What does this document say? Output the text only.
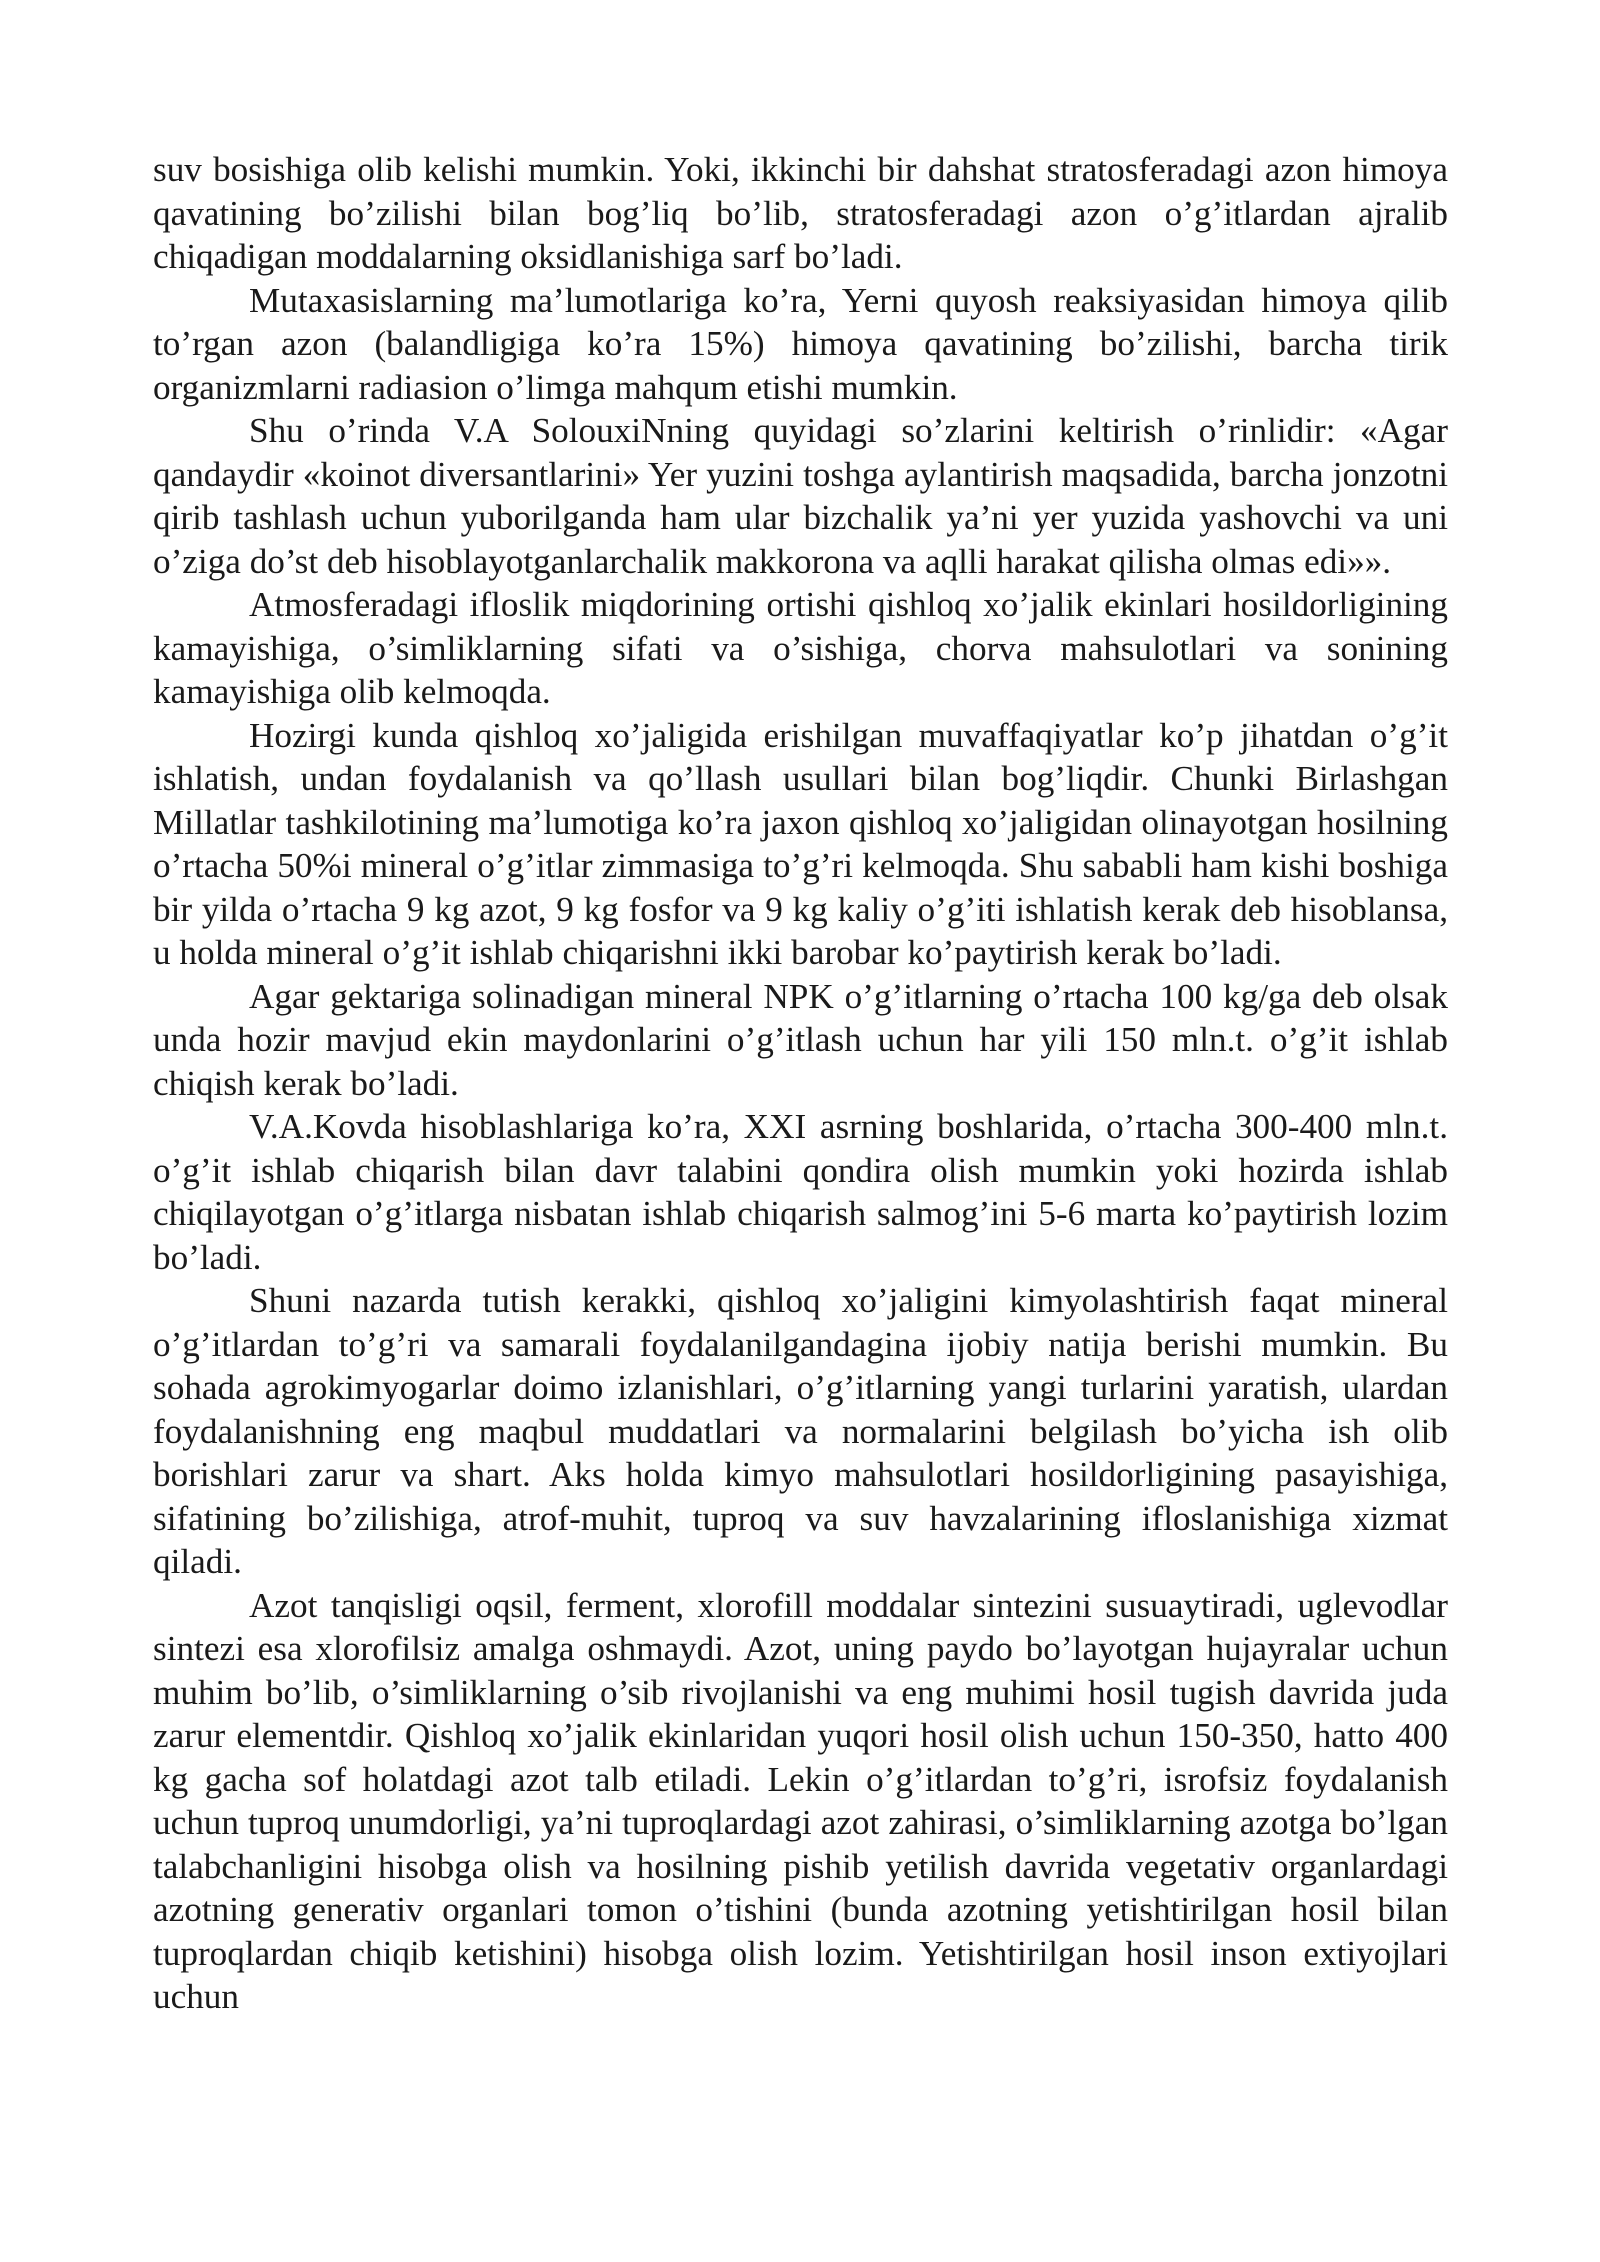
suv bosishiga olib kelishi mumkin. Yoki, ikkinchi bir dahshat stratosferadagi azon himoya qavatining bo’zilishi bilan bog’liq bo’lib, stratosferadagi azon o’g’itlardan ajralib chiqadigan moddalarning oksidlanishiga sarf bo’ladi.

Mutaxasislarning ma’lumotlariga ko’ra, Yerni quyosh reaksiyasidan himoya qilib to’rgan azon (balandligiga ko’ra 15%) himoya qavatining bo’zilishi, barcha tirik organizmlarni radiasion o’limga mahqum etishi mumkin.

Shu o’rinda V.A SolouxiNning quyidagi so’zlarini keltirish o’rinlidir: «Agar qandaydir «koinot diversantlarini» Yer yuzini toshga aylantirish maqsadida, barcha jonzotni qirib tashlash uchun yuborilganda ham ular bizchalik ya’ni yer yuzida yashovchi va uni o’ziga do’st deb hisoblayotganlarchalik makkorona va aqlli harakat qilisha olmas edi»».

Atmosferadagi ifloslik miqdorining ortishi qishloq xo’jalik ekinlari hosildorligining kamayishiga, o’simliklarning sifati va o’sishiga, chorva mahsulotlari va sonining kamayishiga olib kelmoqda.

Hozirgi kunda qishloq xo’jaligida erishilgan muvaffaqiyatlar ko’p jihatdan o’g’it ishlatish, undan foydalanish va qo’llash usullari bilan bog’liqdir. Chunki Birlashgan Millatlar tashkilotining ma’lumotiga ko’ra jaxon qishloq xo’jaligidan olinayotgan hosilning o’rtacha 50%i mineral o’g’itlar zimmasiga to’g’ri kelmoqda. Shu sababli ham kishi boshiga bir yilda o’rtacha 9 kg azot, 9 kg fosfor va 9 kg kaliy o’g’iti ishlatish kerak deb hisoblansa, u holda mineral o’g’it ishlab chiqarishni ikki barobar ko’paytirish kerak bo’ladi.

Agar gektariga solinadigan mineral NPK o’g’itlarning o’rtacha 100 kg/ga deb olsak unda hozir mavjud ekin maydonlarini o’g’itlash uchun har yili 150 mln.t. o’g’it ishlab chiqish kerak bo’ladi.

V.A.Kovda hisoblashlariga ko’ra, XXI asrning boshlarida, o’rtacha 300-400 mln.t. o’g’it ishlab chiqarish bilan davr talabini qondira olish mumkin yoki hozirda ishlab chiqilayotgan o’g’itlarga nisbatan ishlab chiqarish salmog’ini 5-6 marta ko’paytirish lozim bo’ladi.

Shuni nazarda tutish kerakki, qishloq xo’jaligini kimyolashtirish faqat mineral o’g’itlardan to’g’ri va samarali foydalanilgandagina ijobiy natija berishi mumkin. Bu sohada agrokimyogarlar doimo izlanishlari, o’g’itlarning yangi turlarini yaratish, ulardan foydalanishning eng maqbul muddatlari va normalarini belgilash bo’yicha ish olib borishlari zarur va shart. Aks holda kimyo mahsulotlari hosildorligining pasayishiga, sifatining bo’zilishiga, atrof-muhit, tuproq va suv havzalarining ifloslanishiga xizmat qiladi.

Azot tanqisligi oqsil, ferment, xlorofill moddalar sintezini susuaytiradi, uglevodlar sintezi esa xlorofilsiz amalga oshmaydi. Azot, uning paydo bo’layotgan hujayralar uchun muhim bo’lib, o’simliklarning o’sib rivojlanishi va eng muhimi hosil tugish davrida juda zarur elementdir. Qishloq xo’jalik ekinlaridan yuqori hosil olish uchun 150-350, hatto 400 kg gacha sof holatdagi azot talb etiladi. Lekin o’g’itlardan to’g’ri, isrofsiz foydalanish uchun tuproq unumdorligi, ya’ni tuproqlardagi azot zahirasi, o’simliklarning azotga bo’lgan talabchanligini hisobga olish va hosilning pishib yetilish davrida vegetativ organlardagi azotning generativ organlari tomon o’tishini (bunda azotning yetishtirilgan hosil bilan tuproqlardan chiqib ketishini) hisobga olish lozim. Yetishtirilgan hosil inson extiyojlari uchun
